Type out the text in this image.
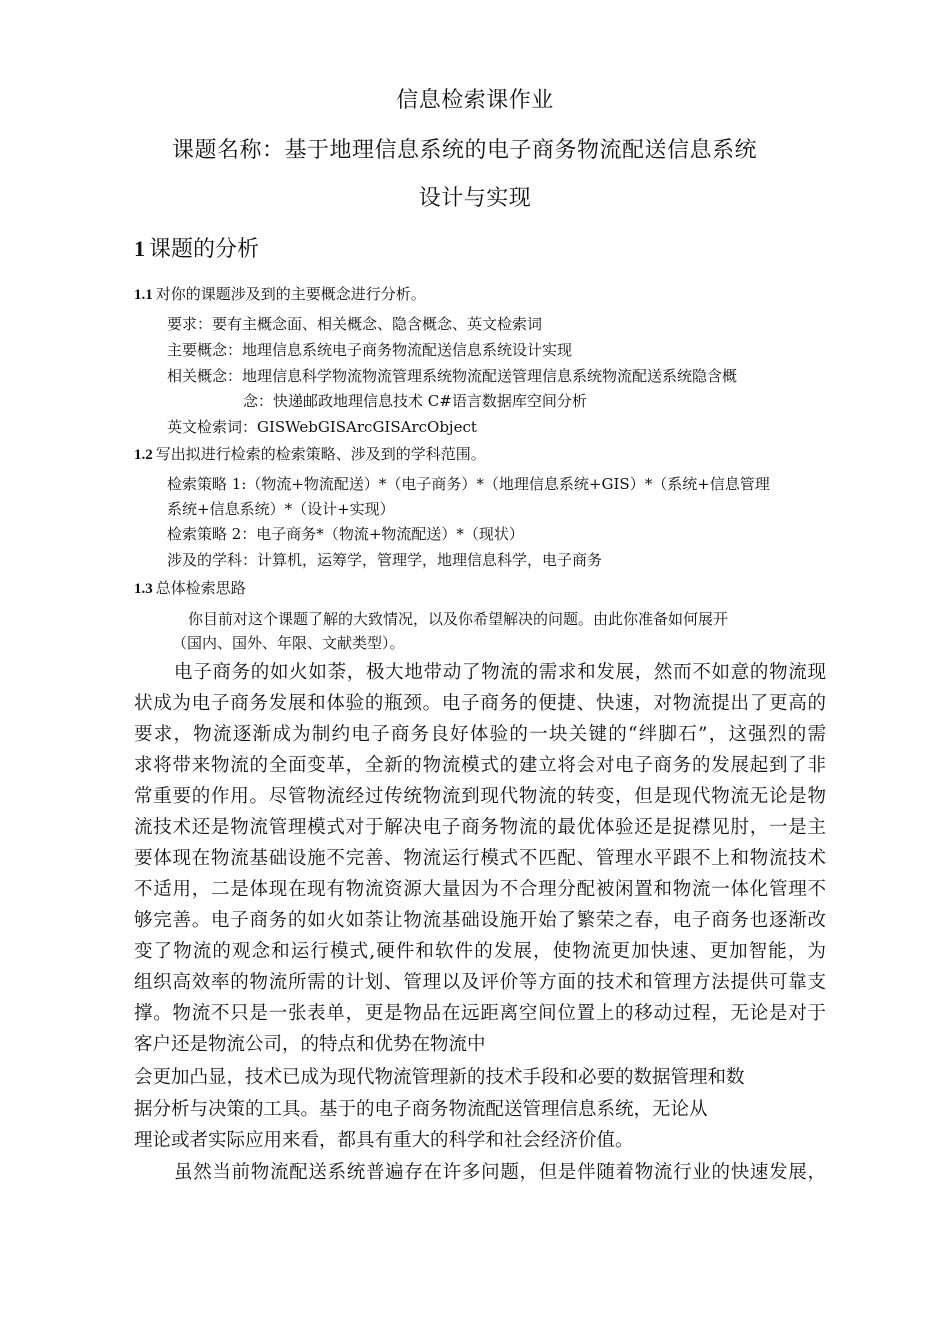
信息检索课作业
课题名称：基于地理信息系统的电子商务物流配送信息系统
设计与实现
1 课题的分析
1.1 对你的课题涉及到的主要概念进行分析。
要求：要有主概念面、相关概念、隐含概念、英文检索词
主要概念：地理信息系统电子商务物流配送信息系统设计实现
相关概念：地理信息科学物流物流管理系统物流配送管理信息系统物流配送系统隐含概
念：快递邮政地理信息技术 C#语言数据库空间分析
英文检索词：GISWebGISArcGISArcObject
1.2 写出拟进行检索的检索策略、涉及到的学科范围。
检索策略 1:（物流+物流配送）*（电子商务）*（地理信息系统+GIS）*（系统+信息管理
系统+信息系统）*（设计+实现）
检索策略 2：电子商务*（物流+物流配送）*（现状）
涉及的学科：计算机，运筹学，管理学，地理信息科学，电子商务
1.3 总体检索思路
你目前对这个课题了解的大致情况，以及你希望解决的问题。由此你准备如何展开
（国内、国外、年限、文献类型）。
电子商务的如火如荼，极大地带动了物流的需求和发展，然而不如意的物流现
状成为电子商务发展和体验的瓶颈。电子商务的便捷、快速，对物流提出了更高的
要求，物流逐渐成为制约电子商务良好体验的一块关键的“绊脚石”，这强烈的需
求将带来物流的全面变革，全新的物流模式的建立将会对电子商务的发展起到了非
常重要的作用。尽管物流经过传统物流到现代物流的转变，但是现代物流无论是物
流技术还是物流管理模式对于解决电子商务物流的最优体验还是捉襟见肘，一是主
要体现在物流基础设施不完善、物流运行模式不匹配、管理水平跟不上和物流技术
不适用，二是体现在现有物流资源大量因为不合理分配被闲置和物流一体化管理不
够完善。电子商务的如火如荼让物流基础设施开始了繁荣之春，电子商务也逐渐改
变了物流的观念和运行模式,硬件和软件的发展，使物流更加快速、更加智能，为
组织高效率的物流所需的计划、管理以及评价等方面的技术和管理方法提供可靠支
撑。物流不只是一张表单，更是物品在远距离空间位置上的移动过程，无论是对于
客户还是物流公司，的特点和优势在物流中
会更加凸显，技术已成为现代物流管理新的技术手段和必要的数据管理和数
据分析与决策的工具。基于的电子商务物流配送管理信息系统，无论从
理论或者实际应用来看，都具有重大的科学和社会经济价值。
虽然当前物流配送系统普遍存在许多问题，但是伴随着物流行业的快速发展，
